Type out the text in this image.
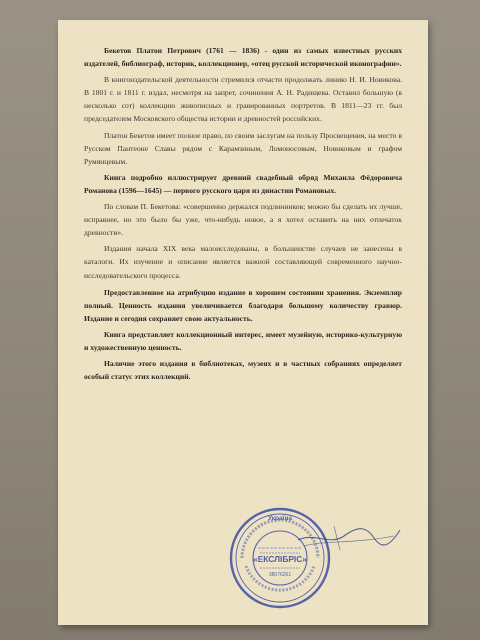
Бекетов Платон Петрович (1761 — 1836) - один из самых известных русских издателей, библиограф, историк, коллекционер, «отец русской исторической иконографии».

В книгоиздательской деятельности стремился отчасти продолжать линию Н. И. Новикова. В 1801 г. и 1811 г. издал, несмотря на запрет, сочинения А. Н. Радищева. Оставил большую (в несколько сот) коллекцию живописных и гравированных портретов. В 1811—23 гг. был председателем Московского общества истории и древностей российских.

Платон Бекетов имеет полное право, по своим заслугам на пользу Просвещения, на место в Русском Пантеоне Славы рядом с Карамзиным, Ломоносовым, Новиковым и графом Румянцевым.

Книга подробно иллюстрирует древний свадебный обряд Михаила Фёдоровича Романова (1596—1645) — первого русского царя из династии Романовых.

По словам П. Бекетова: «совершенно держался подлинников; можно бы сделать их лучше, исправнее, но это было бы уже, что-нибудь новое, а я хотел оставить на них отпечаток древности».

Издания начала XIX века малоисследованы, в большинстве случаев не занесены в каталоги. Их изучение и описание является важной составляющей современного научно-исследовательского процесса.

Предоставленное на атрибуцию издание в хорошем состоянии хранения. Экземпляр полный. Ценность издания увеличивается благодаря большому количеству гравюр. Издание и сегодня сохраняет свою актуальность.

Книга представляет коллекционный интерес, имеет музейную, историко-культурную и художественную ценность.

Наличие этого издания в библиотеках, музеях и в частных собраниях определяет особый статус этих коллекций.

Україна
«ЕКСЛІБРІС»
38076261
